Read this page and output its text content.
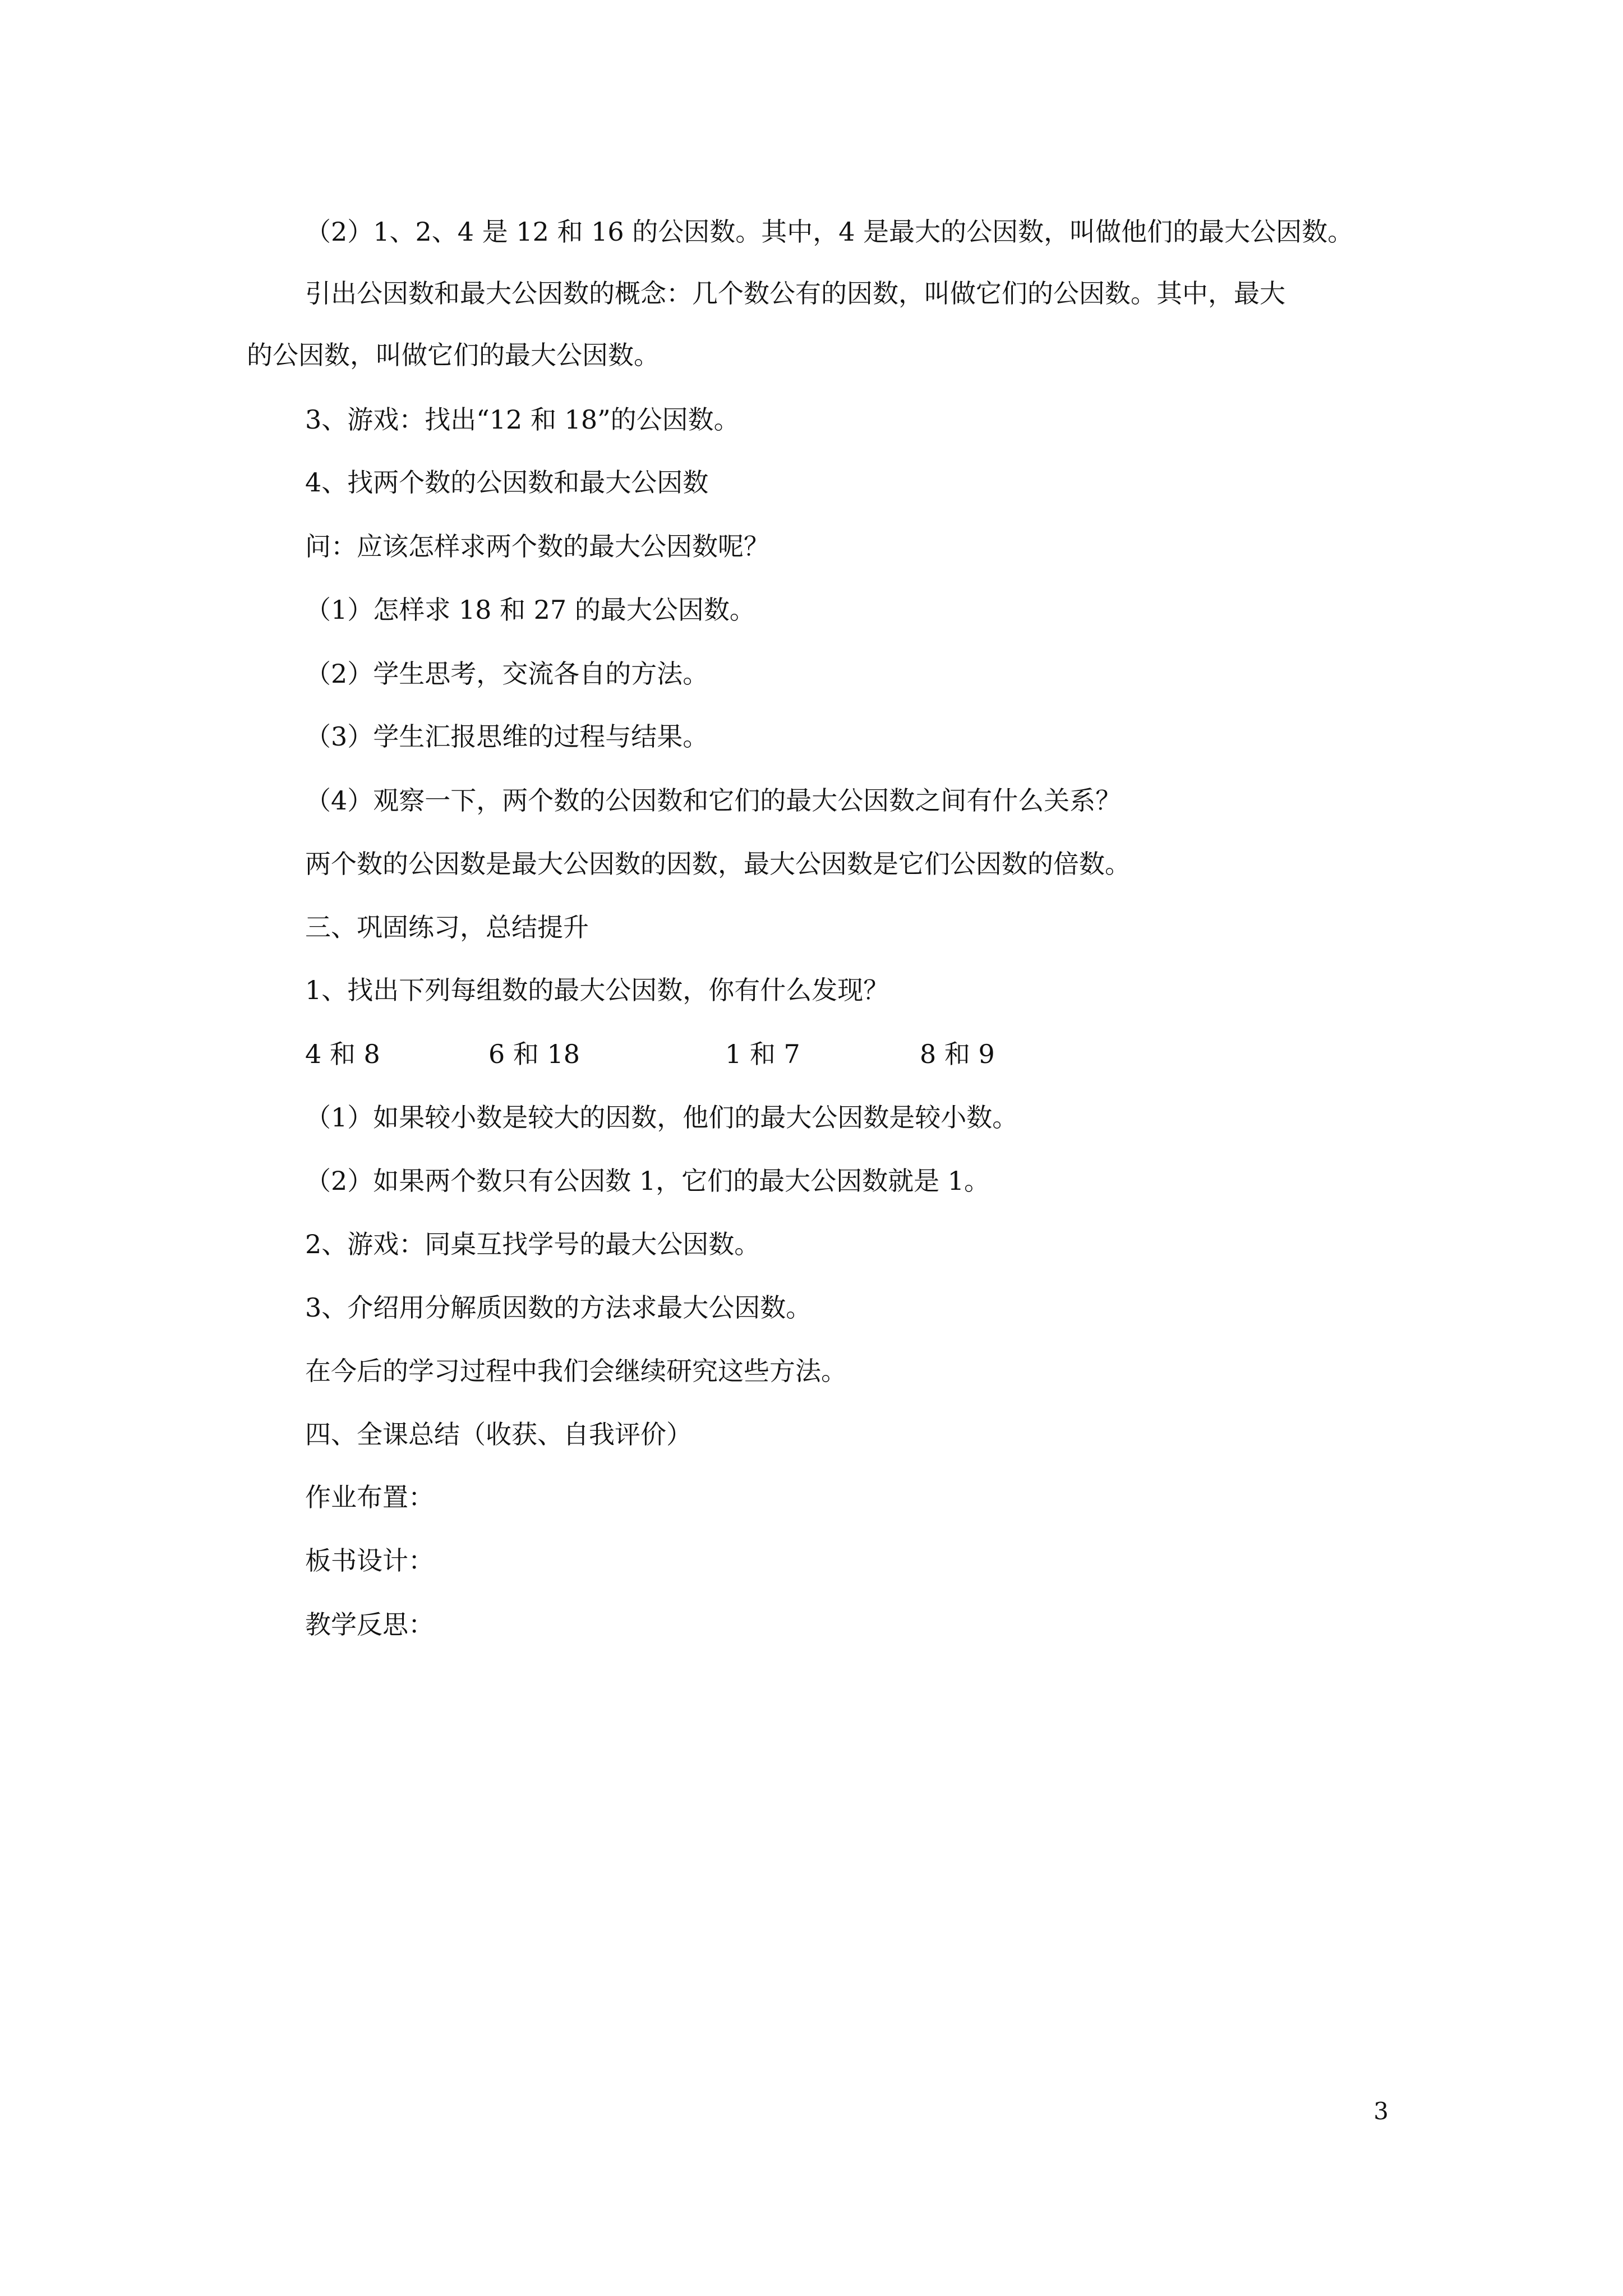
（2）1、2、4 是 12 和 16 的公因数。其中，4 是最大的公因数，叫做他们的最大公因数。
引出公因数和最大公因数的概念：几个数公有的因数，叫做它们的公因数。其中，最大
的公因数，叫做它们的最大公因数。
3、游戏：找出“12 和 18”的公因数。
4、找两个数的公因数和最大公因数
问：应该怎样求两个数的最大公因数呢？
（1）怎样求 18 和 27 的最大公因数。
（2）学生思考，交流各自的方法。
（3）学生汇报思维的过程与结果。
（4）观察一下，两个数的公因数和它们的最大公因数之间有什么关系？
两个数的公因数是最大公因数的因数，最大公因数是它们公因数的倍数。
三、巩固练习，总结提升
1、找出下列每组数的最大公因数，你有什么发现？
4 和 8	6 和 18	1 和 7	8 和 9
（1）如果较小数是较大的因数，他们的最大公因数是较小数。
（2）如果两个数只有公因数 1，它们的最大公因数就是 1。
2、游戏：同桌互找学号的最大公因数。
3、介绍用分解质因数的方法求最大公因数。
在今后的学习过程中我们会继续研究这些方法。
四、全课总结（收获、自我评价）
作业布置：
板书设计：
教学反思：
3
